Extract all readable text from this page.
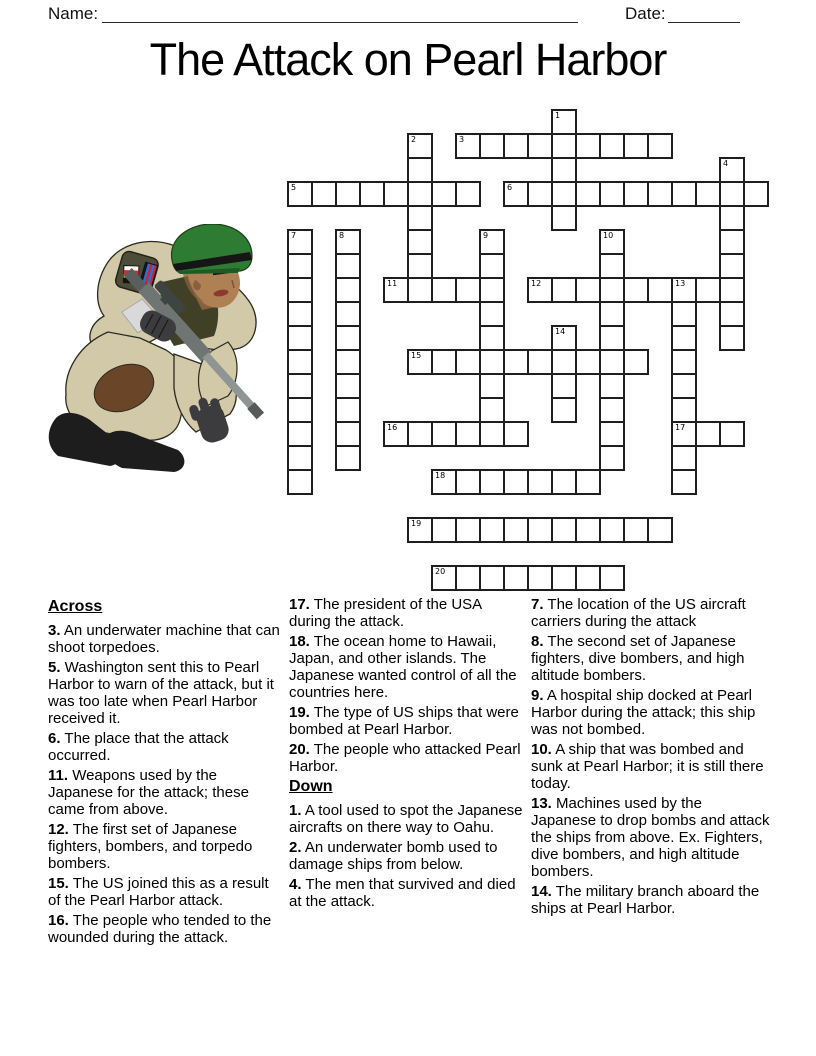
Name:	Date:
The Attack on Pearl Harbor
1
2	3
4
5	6
7	8	9	10
11	12	13
17
14
15
16
18
19
20

Across

3. An underwater machine that can shoot torpedoes.

5. Washington sent this to Pearl Harbor to warn of the attack, but it was too late when Pearl Harbor received it.

6. The place that the attack occurred.

11. Weapons used by the Japanese for the attack; these came from above.

12. The first set of Japanese fighters, bombers, and torpedo bombers.

15. The US joined this as a result of the Pearl Harbor attack.

16. The people who tended to the wounded during the attack.

17. The president of the USA during the attack.

18. The ocean home to Hawaii, Japan, and other islands. The Japanese wanted control of all the countries here.

19. The type of US ships that were bombed at Pearl Harbor.

20. The people who attacked Pearl Harbor.

Down

1. A tool used to spot the Japanese aircrafts on there way to Oahu.

2. An underwater bomb used to damage ships from below.

4. The men that survived and died at the attack.

7. The location of the US aircraft carriers during the attack

8. The second set of Japanese fighters, dive bombers, and high altitude bombers.

9. A hospital ship docked at Pearl Harbor during the attack; this ship was not bombed.

10. A ship that was bombed and sunk at Pearl Harbor; it is still there today.

13. Machines used by the Japanese to drop bombs and attack the ships from above. Ex. Fighters, dive bombers, and high altitude bombers.

14. The military branch aboard the ships at Pearl Harbor.
